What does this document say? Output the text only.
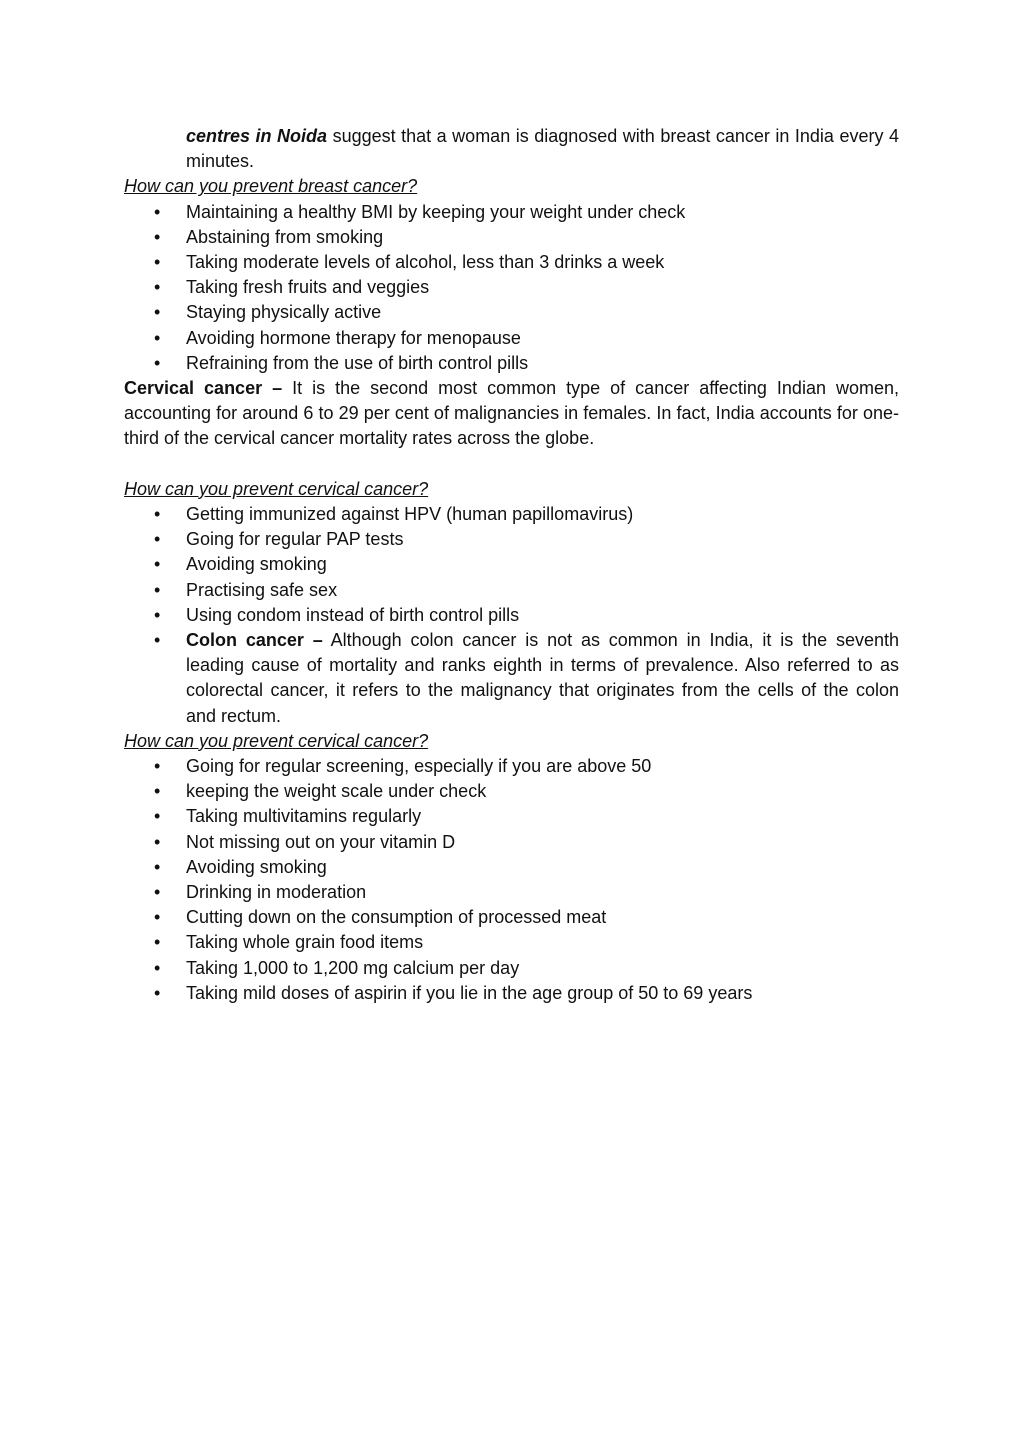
centres in Noida suggest that a woman is diagnosed with breast cancer in India every 4 minutes.

How can you prevent breast cancer?

• Maintaining a healthy BMI by keeping your weight under check
• Abstaining from smoking
• Taking moderate levels of alcohol, less than 3 drinks a week
• Taking fresh fruits and veggies
• Staying physically active
• Avoiding hormone therapy for menopause
• Refraining from the use of birth control pills

Cervical cancer – It is the second most common type of cancer affecting Indian women, accounting for around 6 to 29 per cent of malignancies in females. In fact, India accounts for one-third of the cervical cancer mortality rates across the globe.

How can you prevent cervical cancer?

• Getting immunized against HPV (human papillomavirus)
• Going for regular PAP tests
• Avoiding smoking
• Practising safe sex
• Using condom instead of birth control pills
• Colon cancer – Although colon cancer is not as common in India, it is the seventh leading cause of mortality and ranks eighth in terms of prevalence. Also referred to as colorectal cancer, it refers to the malignancy that originates from the cells of the colon and rectum.

How can you prevent cervical cancer?

• Going for regular screening, especially if you are above 50
• keeping the weight scale under check
• Taking multivitamins regularly
• Not missing out on your vitamin D
• Avoiding smoking
• Drinking in moderation
• Cutting down on the consumption of processed meat
• Taking whole grain food items
• Taking 1,000 to 1,200 mg calcium per day
• Taking mild doses of aspirin if you lie in the age group of 50 to 69 years
